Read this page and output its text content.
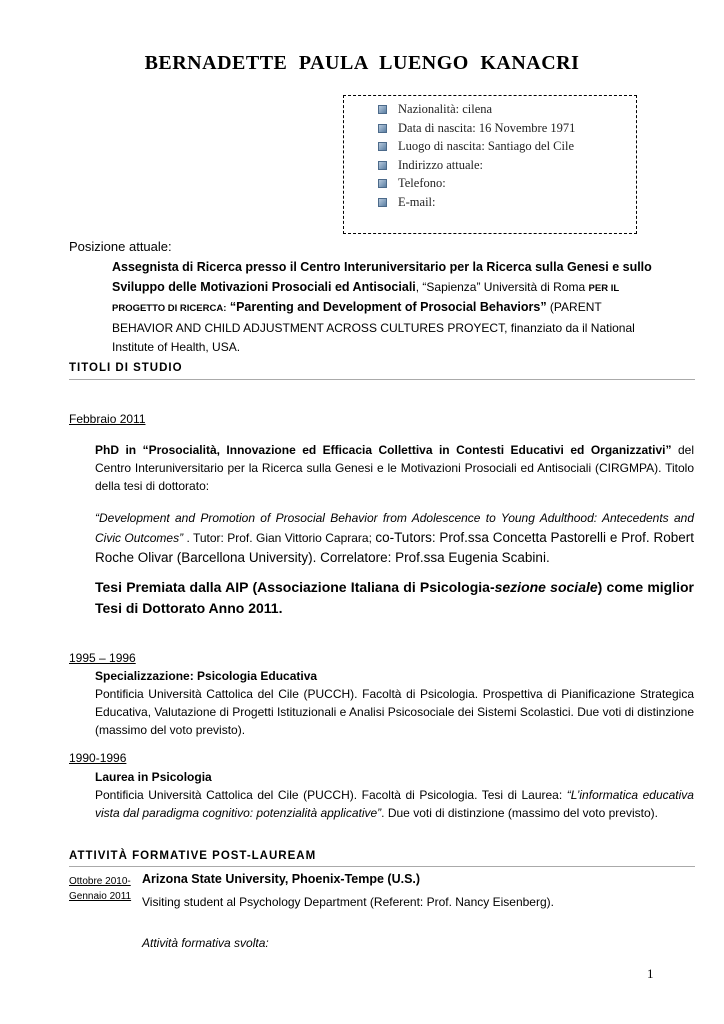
BERNADETTE PAULA LUENGO KANACRI
Nazionalità: cilena
Data di nascita: 16 Novembre 1971
Luogo di nascita: Santiago del Cile
Indirizzo attuale:
Telefono:
E-mail:
Posizione attuale:
Assegnista di Ricerca presso il Centro Interuniversitario per la Ricerca sulla Genesi e sullo Sviluppo delle Motivazioni Prosociali ed Antisociali, “Sapienza” Università di Roma PER IL PROGETTO DI RICERCA: “Parenting and Development of Prosocial Behaviors” (PARENT BEHAVIOR AND CHILD ADJUSTMENT ACROSS CULTURES PROYECT, finanziato da il National Institute of Health, USA.
TITOLI DI STUDIO
Febbraio 2011
PhD in “Prosocialità, Innovazione ed Efficacia Collettiva in Contesti Educativi ed Organizzativi” del Centro Interuniversitario per la Ricerca sulla Genesi e le Motivazioni Prosociali ed Antisociali (CIRGMPA). Titolo della tesi di dottorato:
“Development and Promotion of Prosocial Behavior from Adolescence to Young Adulthood: Antecedents and Civic Outcomes” . Tutor: Prof. Gian Vittorio Caprara; co-Tutors: Prof.ssa Concetta Pastorelli e Prof. Robert Roche Olivar (Barcellona University). Correlatore: Prof.ssa Eugenia Scabini.
Tesi Premiata dalla AIP (Associazione Italiana di Psicologia-sezione sociale) come miglior Tesi di Dottorato Anno 2011.
1995 – 1996
Specializzazione: Psicologia Educativa
Pontificia Università Cattolica del Cile (PUCCH). Facoltà di Psicologia. Prospettiva di Pianificazione Strategica Educativa, Valutazione di Progetti Istituzionali e Analisi Psicosociale dei Sistemi Scolastici. Due voti di distinzione (massimo del voto previsto).
1990-1996
Laurea in Psicologia
Pontificia Università Cattolica del Cile (PUCCH). Facoltà di Psicologia. Tesi di Laurea: “L’informatica educativa vista dal paradigma cognitivo: potenzialità applicative”. Due voti di distinzione (massimo del voto previsto).
ATTIVITÀ FORMATIVE POST-LAUREAM
Ottobre 2010-
Gennaio 2011
Arizona State University, Phoenix-Tempe (U.S.)
Visiting student al Psychology Department (Referent: Prof. Nancy Eisenberg).
Attività formativa svolta:
1
